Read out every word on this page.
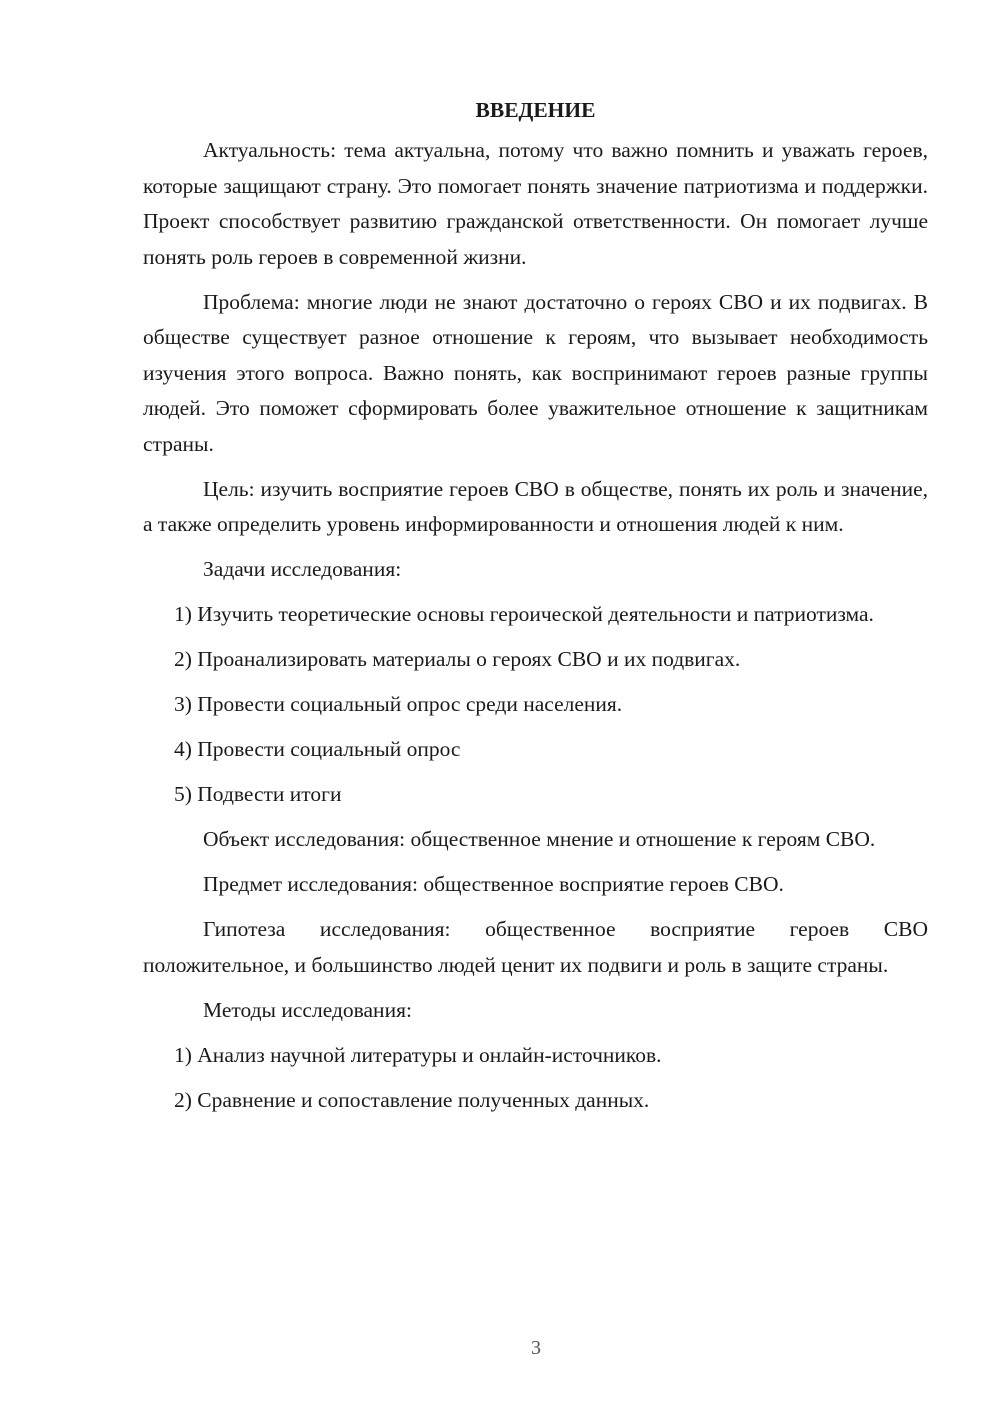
ВВЕДЕНИЕ

Актуальность: тема актуальна, потому что важно помнить и уважать героев, которые защищают страну. Это помогает понять значение патриотизма и поддержки. Проект способствует развитию гражданской ответственности. Он помогает лучше понять роль героев в современной жизни.

Проблема: многие люди не знают достаточно о героях СВО и их подвигах. В обществе существует разное отношение к героям, что вызывает необходимость изучения этого вопроса. Важно понять, как воспринимают героев разные группы людей. Это поможет сформировать более уважительное отношение к защитникам страны.

Цель: изучить восприятие героев СВО в обществе, понять их роль и значение, а также определить уровень информированности и отношения людей к ним.

Задачи исследования:

1) Изучить теоретические основы героической деятельности и патриотизма.

2) Проанализировать материалы о героях СВО и их подвигах.

3) Провести социальный опрос среди населения.

4) Провести социальный опрос

5) Подвести итоги

Объект исследования: общественное мнение и отношение к героям СВО.

Предмет исследования: общественное восприятие героев СВО.

Гипотеза исследования: общественное восприятие героев СВО положительное, и большинство людей ценит их подвиги и роль в защите страны.

Методы исследования:

1) Анализ научной литературы и онлайн-источников.

2) Сравнение и сопоставление полученных данных.

3
